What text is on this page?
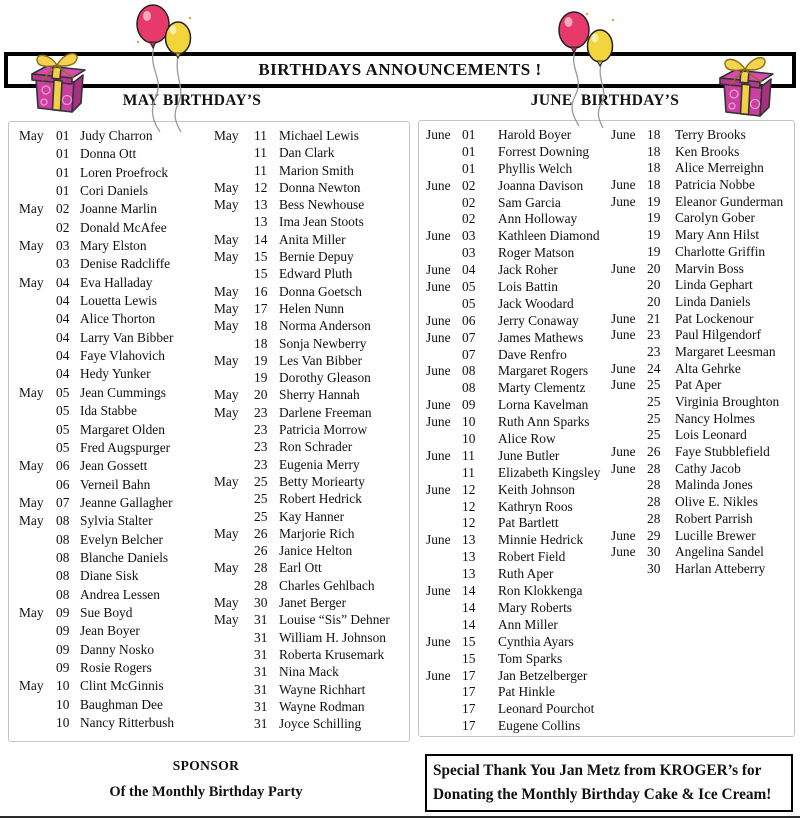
BIRTHDAYS ANNOUNCEMENTS !
MAY BIRTHDAY’S	JUNE  BIRTHDAY’S
May 01 Judy Charron
01 Donna Ott
01 Loren Proefrock
01 Cori Daniels
May 02 Joanne Marlin
02 Donald McAfee
May 03 Mary Elston
03 Denise Radcliffe
May 04 Eva Halladay
04 Louetta Lewis
04 Alice Thorton
04 Larry Van Bibber
04 Faye Vlahovich
04 Hedy Yunker
May 05 Jean Cummings
05 Ida Stabbe
05 Margaret Olden
05 Fred Augspurger
May 06 Jean Gossett
06 Verneil Bahn
May 07 Jeanne Gallagher
May 08 Sylvia Stalter
08 Evelyn Belcher
08 Blanche Daniels
08 Diane Sisk
08 Andrea Lessen
May 09 Sue Boyd
09 Jean Boyer
09 Danny Nosko
09 Rosie Rogers
May 10 Clint McGinnis
10 Baughman Dee
10 Nancy Ritterbush
May	11 Michael Lewis
11 Dan Clark
11 Marion Smith
May	12 Donna Newton
May	13 Bess Newhouse
13 Ima Jean Stoots
May	14 Anita Miller
May	15 Bernie Depuy
15 Edward Pluth
May	16 Donna Goetsch
May	17 Helen Nunn
May	18 Norma Anderson
18 Sonja Newberry
May	19 Les Van Bibber
19 Dorothy Gleason
May	20 Sherry Hannah
May	23 Darlene Freeman
23 Patricia Morrow
23 Ron Schrader
23 Eugenia Merry
May	25 Betty Moriearty
25 Robert Hedrick
25 Kay Hanner
May	26 Marjorie Rich
26 Janice Helton
May	28 Earl Ott
28 Charles Gehlbach
May	30 Janet Berger
May	31 Louise “Sis” Dehner
31 William H. Johnson
31 Roberta Krusemark
31 Nina Mack
31 Wayne Richhart
31 Wayne Rodman
31 Joyce Schilling
June 01	Harold Boyer
01	Forrest Downing
01	Phyllis Welch
June 02	Joanna Davison
02	Sam Garcia
02	Ann Holloway
June 03	Kathleen Diamond
03	Roger Matson
June 04	Jack Roher
June 05	Lois Battin
05	Jack Woodard
June 06	Jerry Conaway
June 07	James Mathews
07	Dave Renfro
June 08	Margaret Rogers
08	Marty Clementz
June 09	Lorna Kavelman
June 10	Ruth Ann Sparks
10	Alice Row
June 11	June Butler
11	Elizabeth Kingsley
June 12	Keith Johnson
12	Kathryn Roos
12	Pat Bartlett
June 13	Minnie Hedrick
13	Robert Field
13	Ruth Aper
June 14	Ron Klokkenga
14	Mary Roberts
14	Ann Miller
June 15	Cynthia Ayars
15	Tom Sparks
June 17	Jan Betzelberger
17	Pat Hinkle
17	Leonard Pourchot
17	Eugene Collins
June 18	Terry Brooks
18	Ken Brooks
18	Alice Merreighn
June 18	Patricia Nobbe
June 19	Eleanor Gunderman
19	Carolyn Gober
19	Mary Ann Hilst
19	Charlotte Griffin
June 20	Marvin Boss
20	Linda Gephart
20	Linda Daniels
June 21	Pat Lockenour
June 23	Paul Hilgendorf
23	Margaret Leesman
June 24	Alta Gehrke
June 25	Pat Aper
25	Virginia Broughton
25	Nancy Holmes
25	Lois Leonard
June 26	Faye Stubblefield
June 28	Cathy Jacob
28	Malinda Jones
28	Olive E. Nikles
28	Robert Parrish
June 29	Lucille Brewer
June 30	Angelina Sandel
30	Harlan Atteberry
SPONSOR
Of the Monthly Birthday Party
Special Thank You Jan Metz from KROGER’s for
Donating the Monthly Birthday Cake & Ice Cream!
